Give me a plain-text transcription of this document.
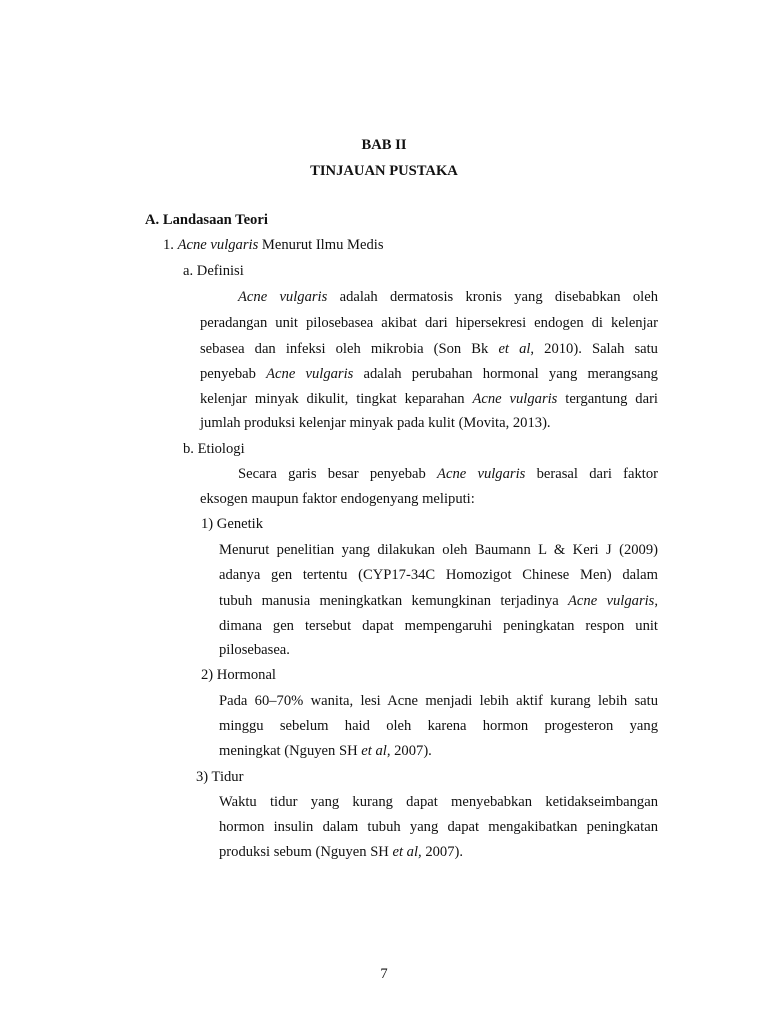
BAB II
TINJAUAN PUSTAKA
A. Landasaan Teori
1. Acne vulgaris Menurut Ilmu Medis
a. Definisi
Acne vulgaris adalah dermatosis kronis yang disebabkan oleh
peradangan unit pilosebasea akibat dari hipersekresi endogen di kelenjar
sebasea dan infeksi oleh mikrobia (Son Bk et al, 2010). Salah satu
penyebab Acne vulgaris adalah perubahan hormonal yang merangsang
kelenjar minyak dikulit, tingkat keparahan Acne vulgaris tergantung dari
jumlah produksi kelenjar minyak pada kulit (Movita, 2013).
b. Etiologi
Secara garis besar penyebab Acne vulgaris berasal dari faktor
eksogen maupun faktor endogenyang meliputi:
1) Genetik
Menurut penelitian yang dilakukan oleh Baumann L & Keri J (2009)
adanya gen tertentu (CYP17-34C Homozigot Chinese Men) dalam
tubuh manusia meningkatkan kemungkinan terjadinya Acne vulgaris,
dimana gen tersebut dapat mempengaruhi peningkatan respon unit
pilosebasea.
2) Hormonal
Pada 60–70% wanita, lesi Acne menjadi lebih aktif kurang lebih satu
minggu sebelum haid oleh karena hormon progesteron yang
meningkat (Nguyen SH et al, 2007).
3) Tidur
Waktu tidur yang kurang dapat menyebabkan ketidakseimbangan
hormon insulin dalam tubuh yang dapat mengakibatkan peningkatan
produksi sebum (Nguyen SH et al, 2007).
7
